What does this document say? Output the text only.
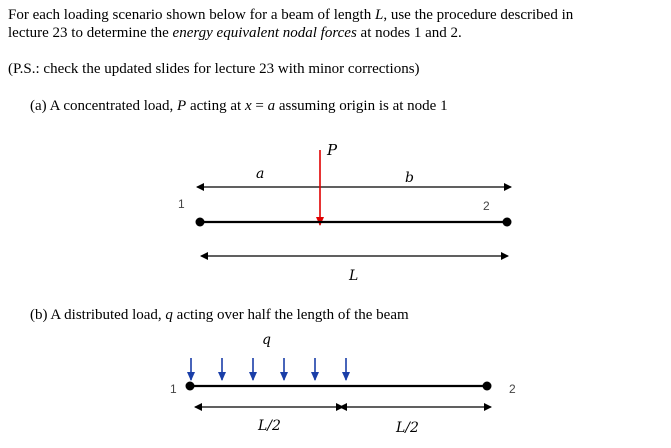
For each loading scenario shown below for a beam of length L, use the procedure described in
lecture 23 to determine the energy equivalent nodal forces at nodes 1 and 2.
(P.S.: check the updated slides for lecture 23 with minor corrections)
(a) A concentrated load, P acting at x = a assuming origin is at node 1
(b) A distributed load, q acting over half the length of the beam
P
a	b
1	2
L
q
1	2
L/2	L/2
